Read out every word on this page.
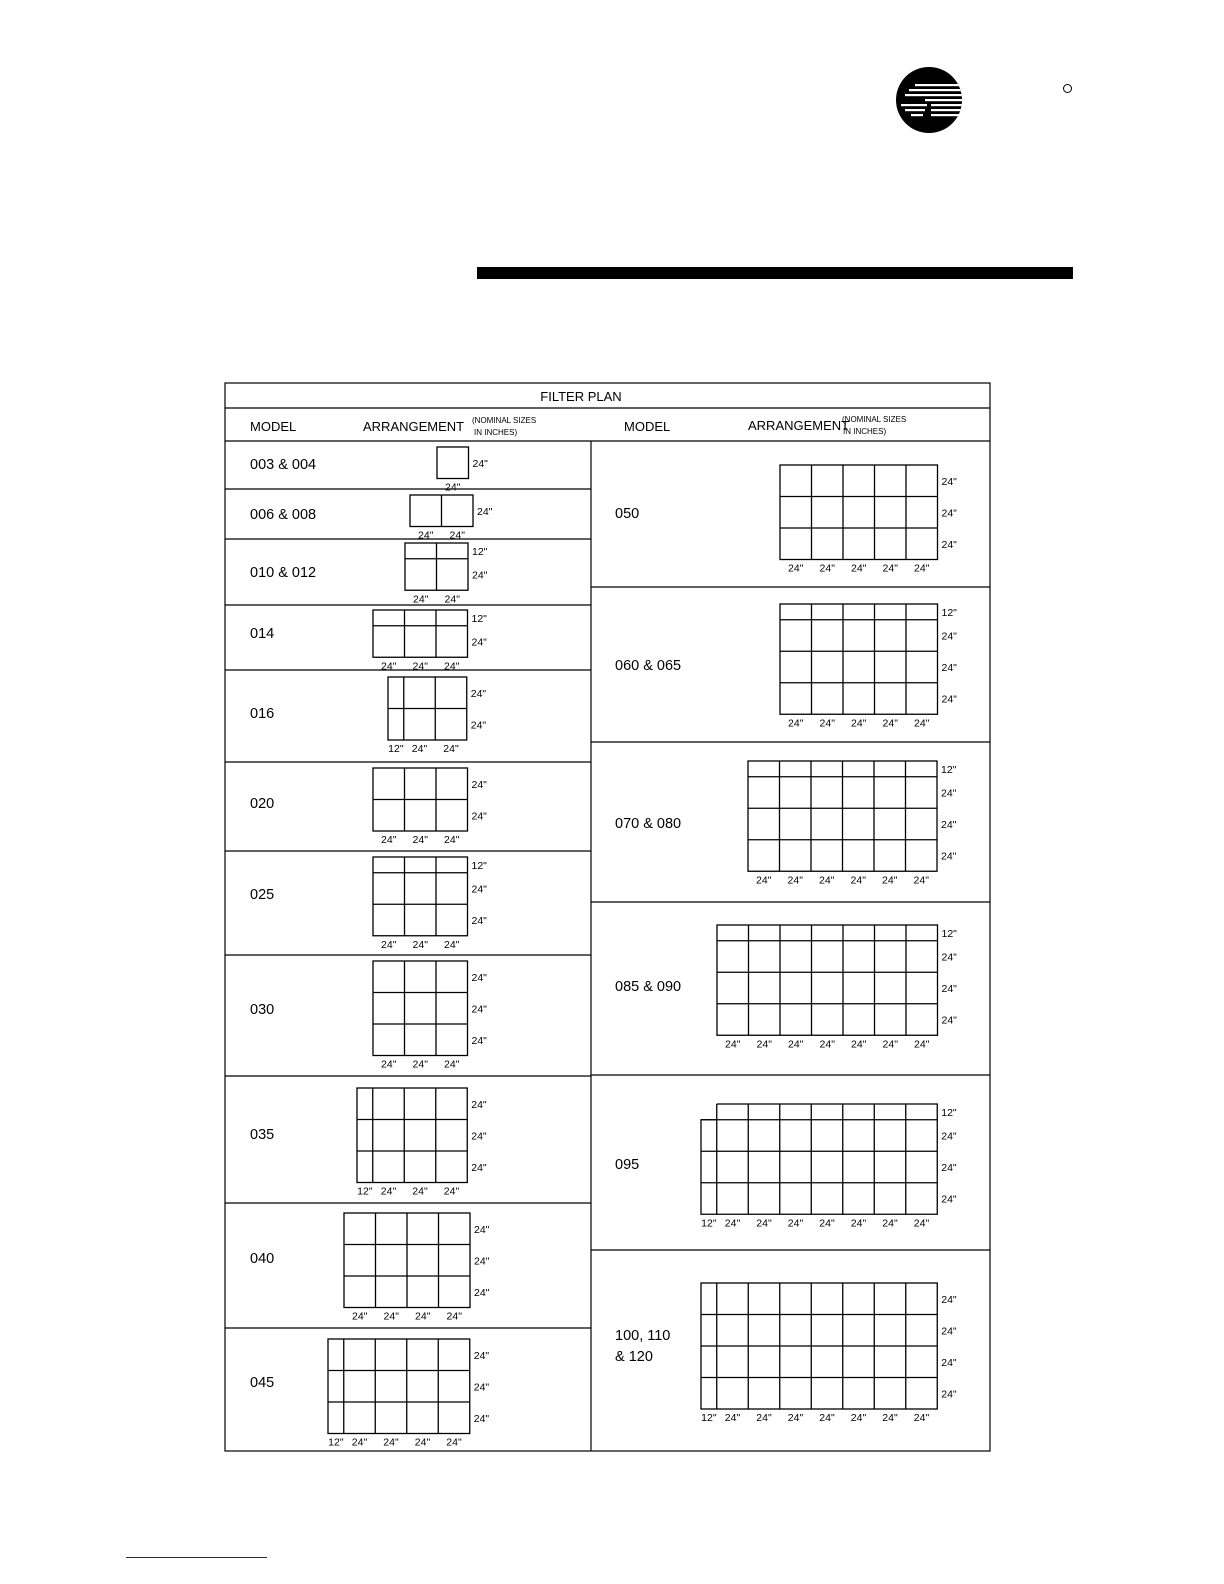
FILTER PLAN
MODEL	ARRANGEMENT (NOMINAL SIZES
IN INCHES)	MODEL	ARRANGEMENT
(NOMINAL SIZES
IN INCHES)
003 & 004
24"
24"
006 & 008
24" 24"
24"
010 & 012
24" 24"
12"
24"
014
24" 24" 24"
12"
24"
016
12" 24" 24"
24"
24"
020
24" 24" 24"
24"
24"
025
24" 24" 24"
12"
24"
24"
030
24" 24" 24"
24"
24"
24"
035
12" 24" 24" 24"
24"
24"
24"
040
24" 24" 24" 24"
24"
24"
24"
045
12" 24" 24" 24" 24"
24"
24"
24"
050
24" 24" 24" 24" 24"
24"
24"
24"
060 & 065
24" 24" 24" 24" 24"
12"
24"
24"
24"
070 & 080
24" 24" 24" 24" 24" 24"
12"
24"
24"
24"
085 & 090
24" 24" 24" 24" 24" 24" 24"
12"
24"
24"
24"
095
12" 24" 24" 24" 24" 24" 24" 24"
12"
24"
24"
24"
100, 110
& 120
12" 24" 24" 24" 24" 24" 24" 24"
24"
24"
24"
24"
